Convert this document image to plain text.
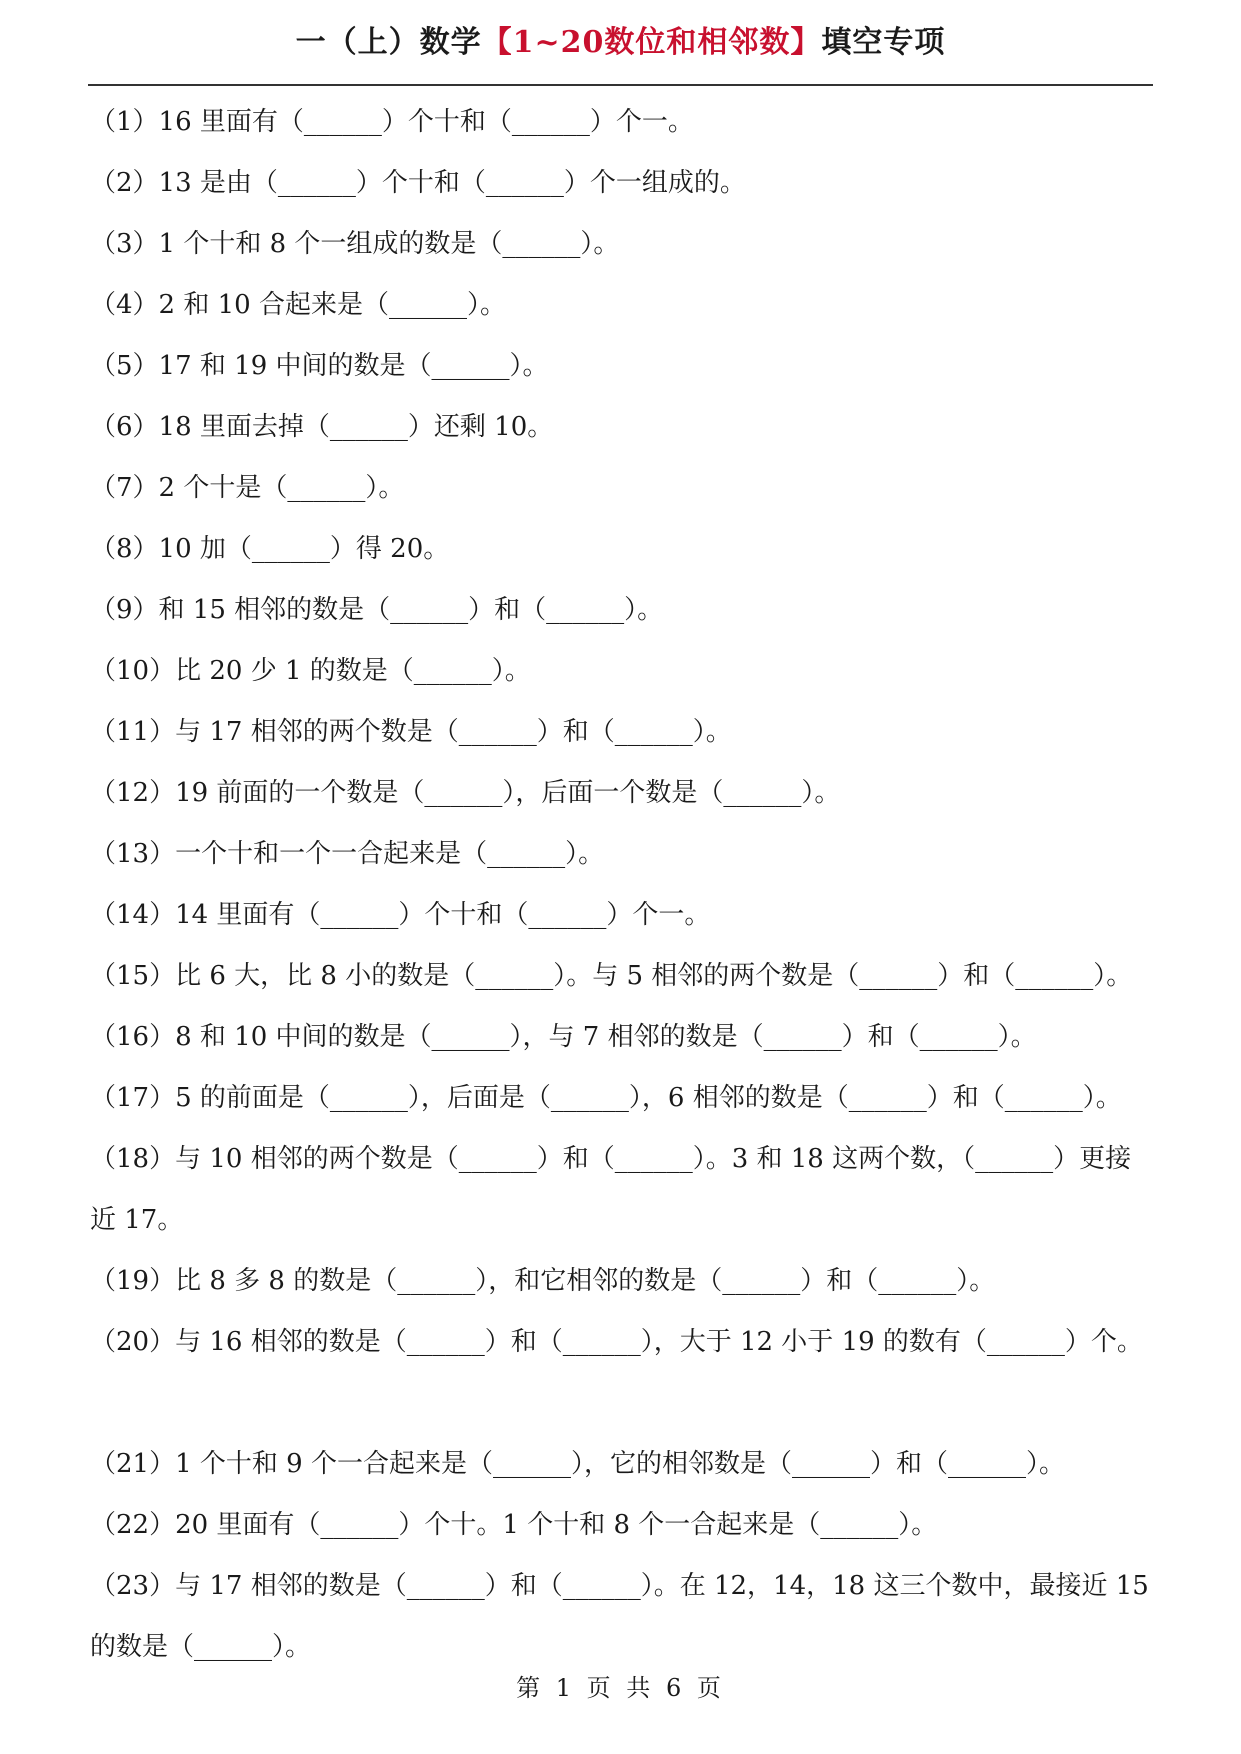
一（上）数学【1~20数位和相邻数】填空专项
（1）16 里面有（______）个十和（______）个一。
（2）13 是由（______）个十和（______）个一组成的。
（3）1 个十和 8 个一组成的数是（______）。
（4）2 和 10 合起来是（______）。
（5）17 和 19 中间的数是（______）。
（6）18 里面去掉（______）还剩 10。
（7）2 个十是（______）。
（8）10 加（______）得 20。
（9）和 15 相邻的数是（______）和（______）。
（10）比 20 少 1 的数是（______）。
（11）与 17 相邻的两个数是（______）和（______）。
（12）19 前面的一个数是（______），后面一个数是（______）。
（13）一个十和一个一合起来是（______）。
（14）14 里面有（______）个十和（______）个一。
（15）比 6 大，比 8 小的数是（______）。与 5 相邻的两个数是（______）和（______）。
（16）8 和 10 中间的数是（______），与 7 相邻的数是（______）和（______）。
（17）5 的前面是（______），后面是（______），6 相邻的数是（______）和（______）。
（18）与 10 相邻的两个数是（______）和（______）。3 和 18 这两个数，（______）更接近 17。
（19）比 8 多 8 的数是（______），和它相邻的数是（______）和（______）。
（20）与 16 相邻的数是（______）和（______），大于 12 小于 19 的数有（______）个。
（21）1 个十和 9 个一合起来是（______），它的相邻数是（______）和（______）。
（22）20 里面有（______）个十。1 个十和 8 个一合起来是（______）。
（23）与 17 相邻的数是（______）和（______）。在 12，14，18 这三个数中，最接近 15 的数是（______）。
第 1 页 共 6 页
